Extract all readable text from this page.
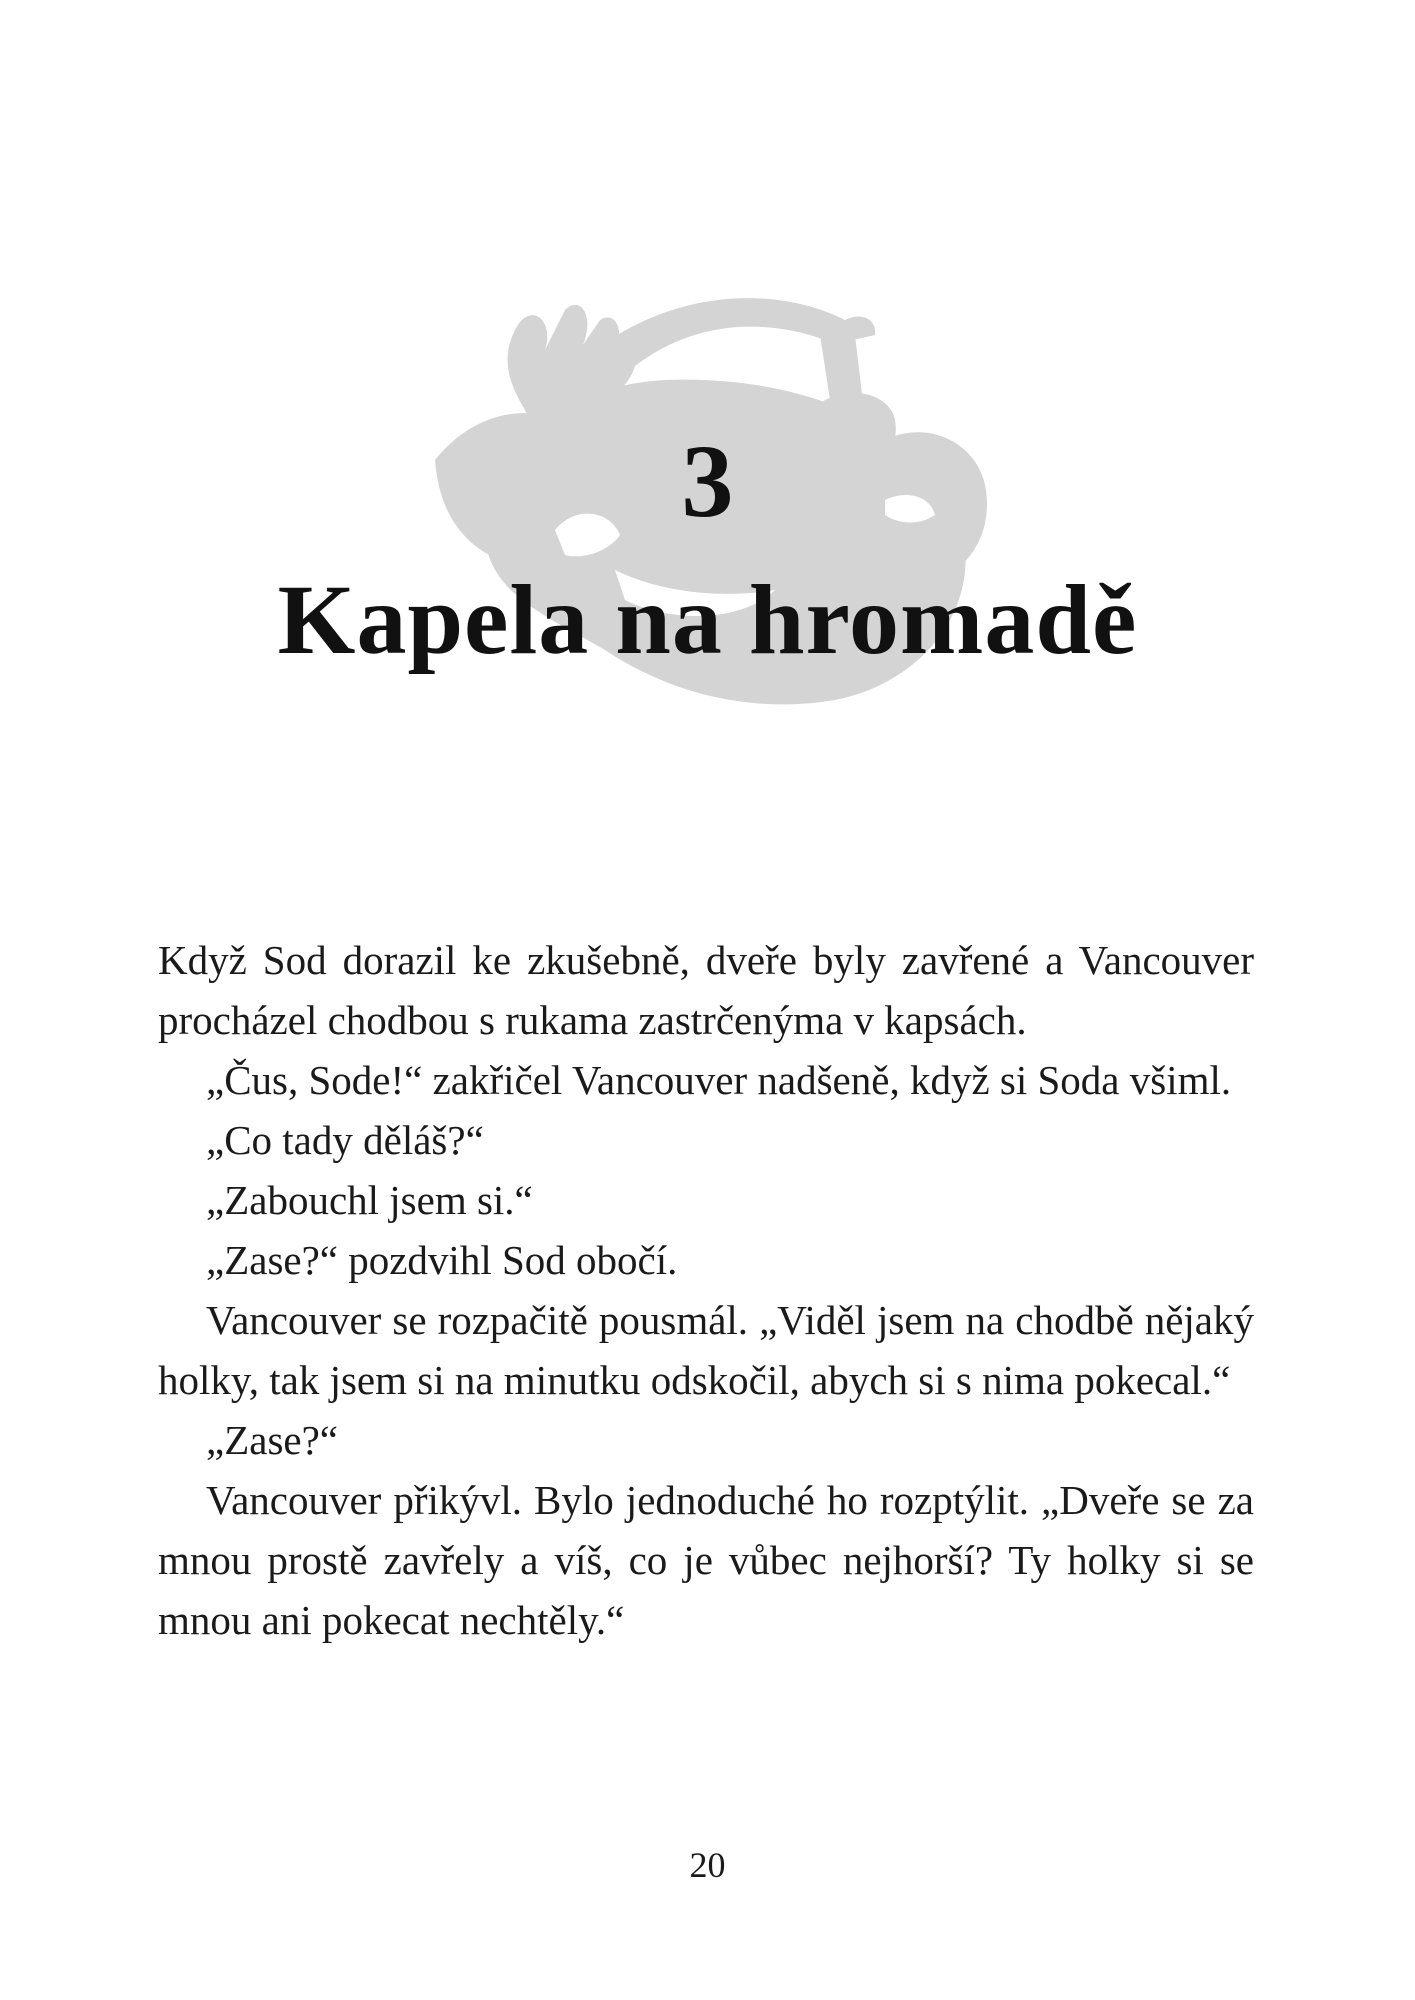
3
Kapela na hromadě

Když Sod dorazil ke zkušebně, dveře byly zavřené a Vancouver procházel chodbou s rukama zastrčenýma v kapsách.

„Čus, Sode!“ zakřičel Vancouver nadšeně, když si Soda všiml.

„Co tady děláš?“

„Zabouchl jsem si.“

„Zase?“ pozdvihl Sod obočí.

Vancouver se rozpačitě pousmál. „Viděl jsem na chodbě nějaký holky, tak jsem si na minutku odskočil, abych si s nima pokecal.“

„Zase?“

Vancouver přikývl. Bylo jednoduché ho rozptýlit. „Dveře se za mnou prostě zavřely a víš, co je vůbec nejhorší? Ty holky si se mnou ani pokecat nechtěly.“

20
